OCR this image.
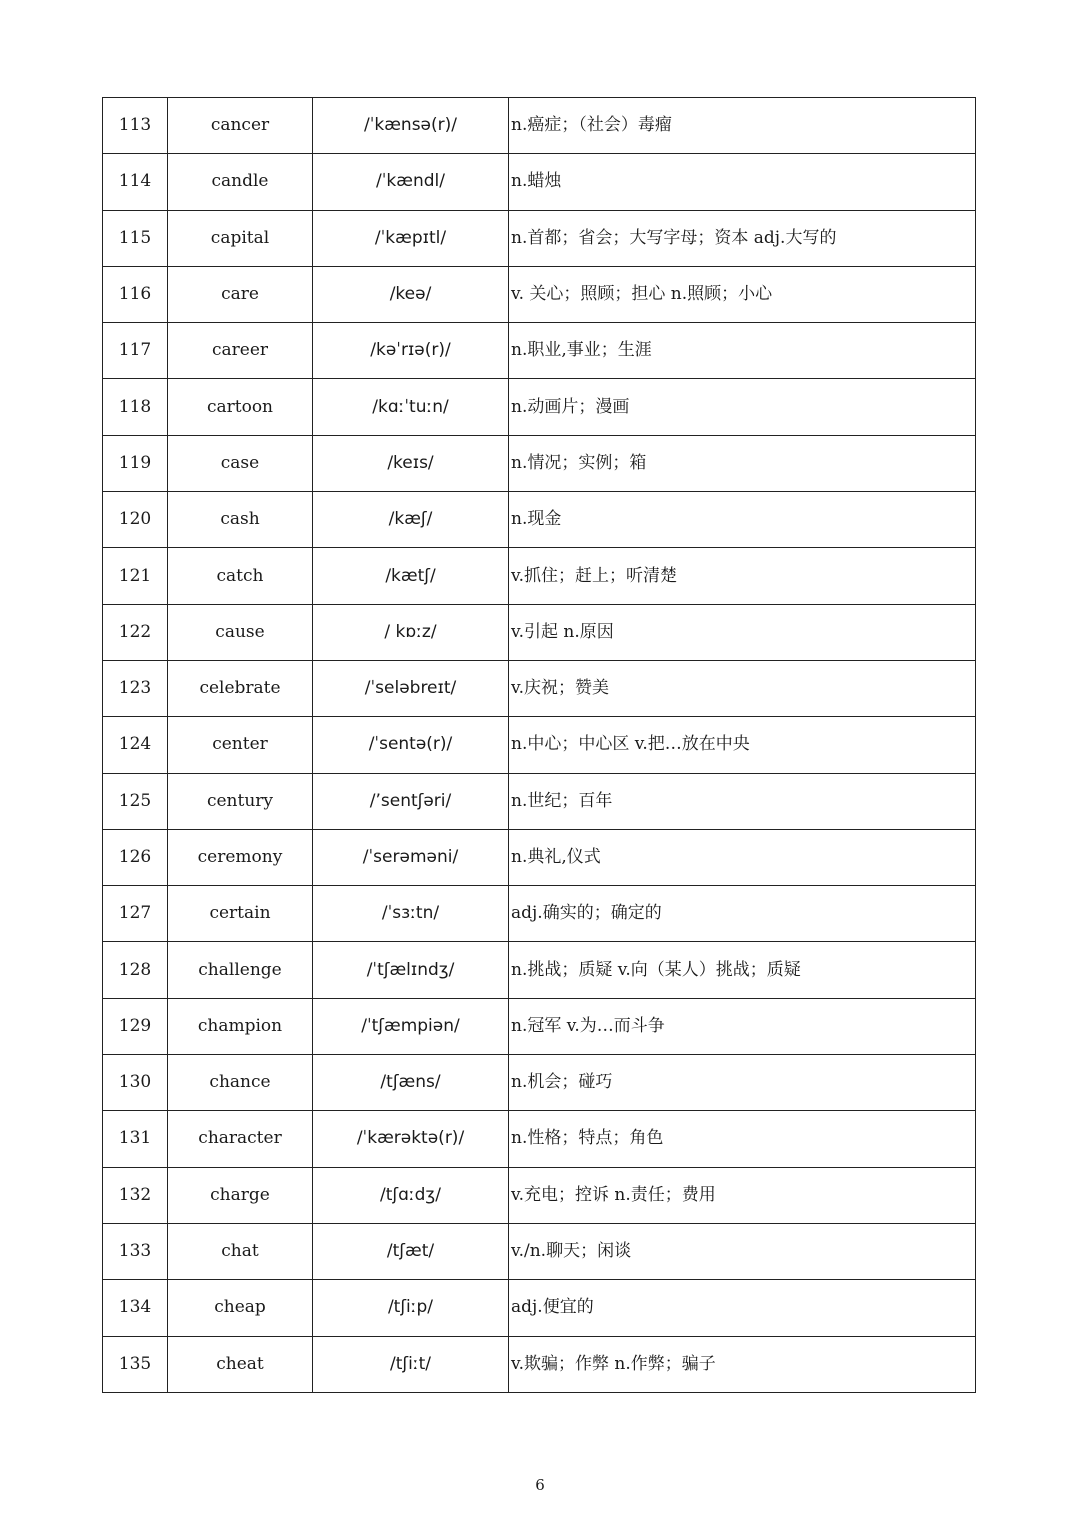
113	cancer	/ˈkænsə(r)/	n.癌症；（社会）毒瘤
114	candle	/ˈkændl/	n.蜡烛
115	capital	/ˈkæpɪtl/	n.首都；省会；大写字母；资本 adj.大写的
116	care	/keə/	v. 关心；照顾；担心 n.照顾；小心
117	career	/kəˈrɪə(r)/	n.职业,事业；生涯
118	cartoon	/kɑːˈtuːn/	n.动画片；漫画
119	case	/keɪs/	n.情况；实例；箱
120	cash	/kæʃ/	n.现金
121	catch	/kætʃ/	v.抓住；赶上；听清楚
122	cause	/ kɒːz/	v.引起 n.原因
123	celebrate	/ˈseləbreɪt/	v.庆祝；赞美
124	center	/ˈsentə(r)/	n.中心；中心区 v.把…放在中央
125	century	/’sentʃəri/	n.世纪；百年
126	ceremony	/ˈserəməni/	n.典礼,仪式
127	certain	/ˈsɜːtn/	adj.确实的；确定的
128	challenge	/ˈtʃælɪndʒ/	n.挑战；质疑 v.向（某人）挑战；质疑
129	champion	/ˈtʃæmpiən/	n.冠军 v.为…而斗争
130	chance	/tʃæns/	n.机会；碰巧
131	character	/ˈkærəktə(r)/	n.性格；特点；角色
132	charge	/tʃɑːdʒ/	v.充电；控诉 n.责任；费用
133	chat	/tʃæt/	v./n.聊天；闲谈
134	cheap	/tʃiːp/	adj.便宜的
135	cheat	/tʃiːt/	v.欺骗；作弊 n.作弊；骗子
6
